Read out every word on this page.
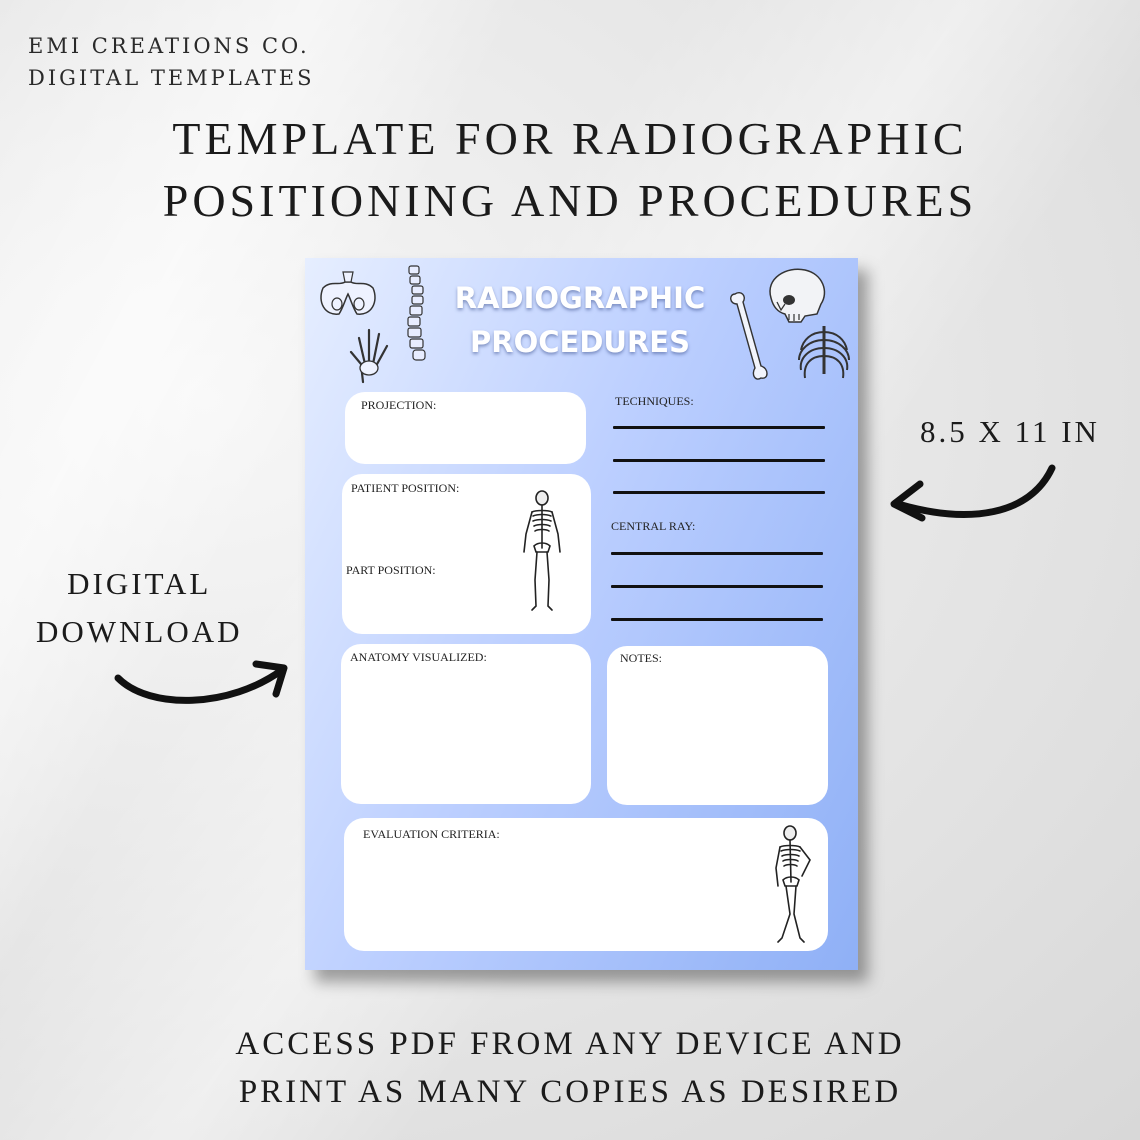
EMI CREATIONS CO.
DIGITAL TEMPLATES
TEMPLATE FOR RADIOGRAPHIC
POSITIONING AND PROCEDURES
8.5 X 11 IN
DIGITAL
DOWNLOAD
RADIOGRAPHIC
PROCEDURES
PROJECTION:	TECHNIQUES:
PATIENT POSITION:
PART POSITION:
CENTRAL RAY:
ANATOMY VISUALIZED:	NOTES:
EVALUATION CRITERIA:
ACCESS PDF FROM ANY DEVICE AND
PRINT AS MANY COPIES AS DESIRED
